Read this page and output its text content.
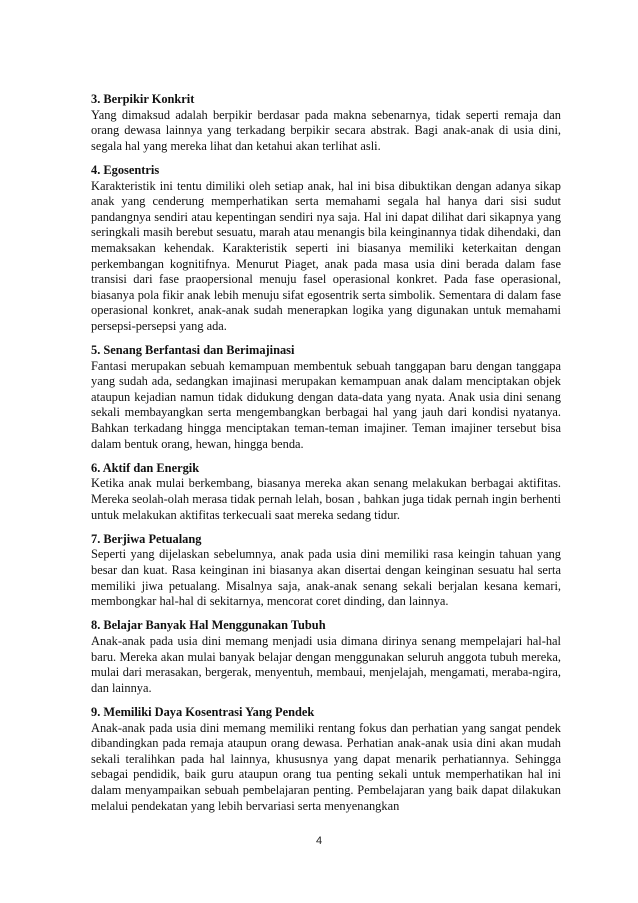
3. Berpikir Konkrit
Yang dimaksud adalah berpikir berdasar pada makna sebenarnya, tidak seperti remaja dan orang dewasa lainnya yang terkadang berpikir secara abstrak. Bagi anak-anak di usia dini, segala hal yang mereka lihat dan ketahui akan terlihat asli.
4. Egosentris
Karakteristik ini tentu dimiliki oleh setiap anak, hal ini bisa dibuktikan dengan adanya sikap anak yang cenderung memperhatikan serta memahami segala hal hanya dari sisi sudut pandangnya sendiri atau kepentingan sendiri nya saja. Hal ini dapat dilihat dari sikapnya yang seringkali masih berebut sesuatu, marah atau menangis bila keinginannya tidak dihendaki, dan memaksakan kehendak. Karakteristik seperti ini biasanya memiliki keterkaitan dengan perkembangan kognitifnya. Menurut Piaget, anak pada masa usia dini berada dalam fase transisi dari fase praopersional menuju fasel operasional konkret. Pada fase operasional, biasanya pola fikir anak lebih menuju sifat egosentrik serta simbolik. Sementara di dalam fase operasional konkret, anak-anak sudah menerapkan logika yang digunakan untuk memahami persepsi-persepsi yang ada.
5. Senang Berfantasi dan Berimajinasi
Fantasi merupakan sebuah kemampuan membentuk sebuah tanggapan baru dengan tanggapa yang sudah ada, sedangkan imajinasi merupakan kemampuan anak dalam menciptakan objek ataupun kejadian namun tidak didukung dengan data-data yang nyata. Anak usia dini senang sekali membayangkan serta mengembangkan berbagai hal yang jauh dari kondisi nyatanya. Bahkan terkadang hingga menciptakan teman-teman imajiner. Teman imajiner tersebut bisa dalam bentuk orang, hewan, hingga benda.
6. Aktif dan Energik
Ketika anak mulai berkembang, biasanya mereka akan senang melakukan berbagai aktifitas. Mereka seolah-olah merasa tidak pernah lelah, bosan , bahkan juga tidak pernah ingin berhenti untuk melakukan aktifitas terkecuali saat mereka sedang tidur.
7. Berjiwa Petualang
Seperti yang dijelaskan sebelumnya, anak pada usia dini memiliki rasa keingin tahuan yang besar dan kuat. Rasa keinginan ini biasanya akan disertai dengan keinginan sesuatu hal serta memiliki jiwa petualang. Misalnya saja, anak-anak senang sekali berjalan kesana kemari, membongkar hal-hal di sekitarnya, mencorat coret dinding, dan lainnya.
8. Belajar Banyak Hal Menggunakan Tubuh
Anak-anak pada usia dini memang menjadi usia dimana dirinya senang mempelajari hal-hal baru. Mereka akan mulai banyak belajar dengan menggunakan seluruh anggota tubuh mereka, mulai dari merasakan, bergerak, menyentuh, membaui, menjelajah, mengamati, meraba-ngira, dan lainnya.
9. Memiliki Daya Kosentrasi Yang Pendek
Anak-anak pada usia dini memang memiliki rentang fokus dan perhatian yang sangat pendek dibandingkan pada remaja ataupun orang dewasa. Perhatian anak-anak usia dini akan mudah sekali teralihkan pada hal lainnya, khususnya yang dapat menarik perhatiannya. Sehingga sebagai pendidik, baik guru ataupun orang tua penting sekali untuk memperhatikan hal ini dalam menyampaikan sebuah pembelajaran penting. Pembelajaran yang baik dapat dilakukan melalui pendekatan yang lebih bervariasi serta menyenangkan
4
